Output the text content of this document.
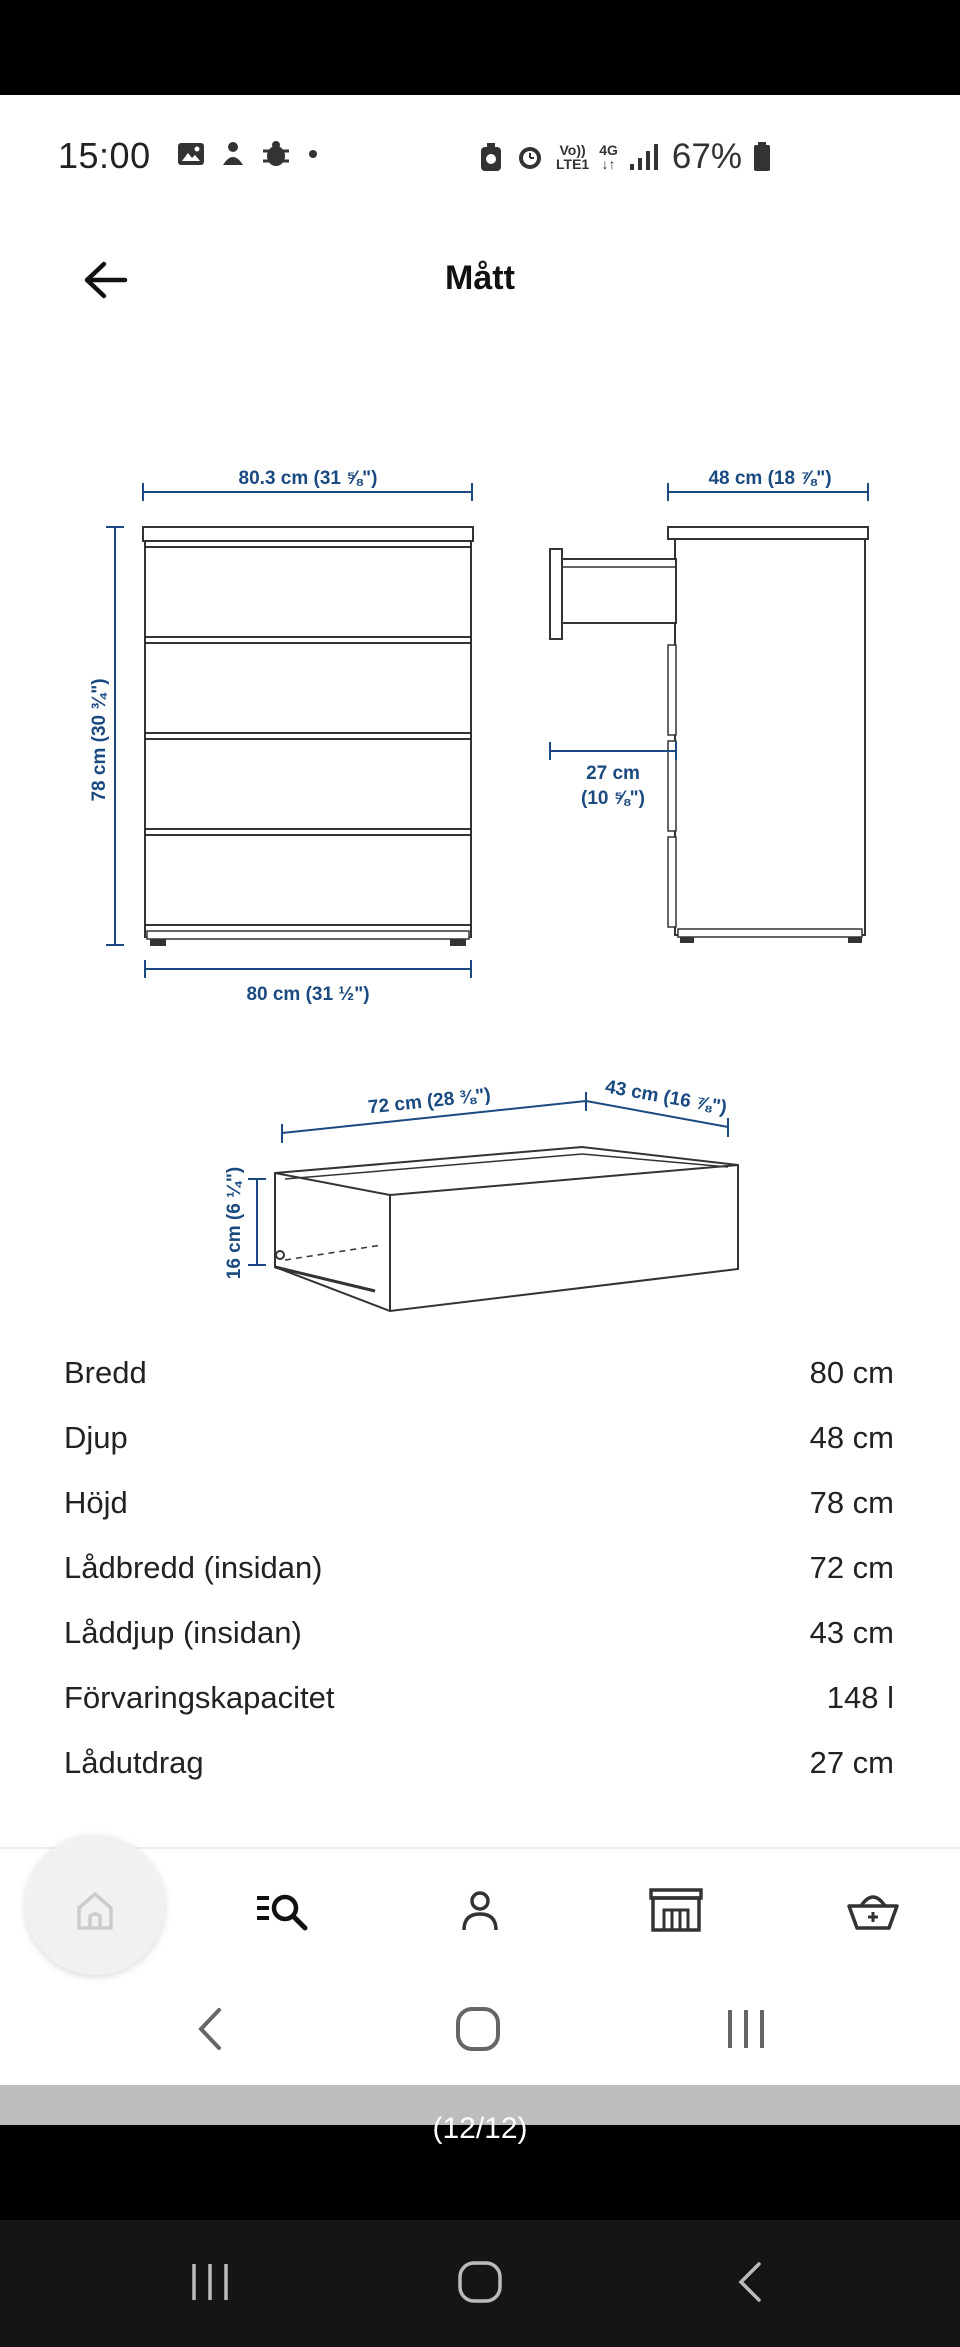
15:00	Vo))
LTE1
4G
↓↑ 67%
Mått
80.3 cm (31 ⅝")
78 cm (30 ¾")
80 cm (31 ½")
48 cm (18 ⅞")
27 cm
(10 ⅝")
72 cm (28 ⅜")	43 cm (16 ⅞")
16 cm (6 ¼")
Bredd	80 cm
Djup	48 cm
Höjd	78 cm
Lådbredd (insidan)	72 cm
Låddjup (insidan)	43 cm
Förvaringskapacitet	148 l
Lådutdrag	27 cm
(12/12)
